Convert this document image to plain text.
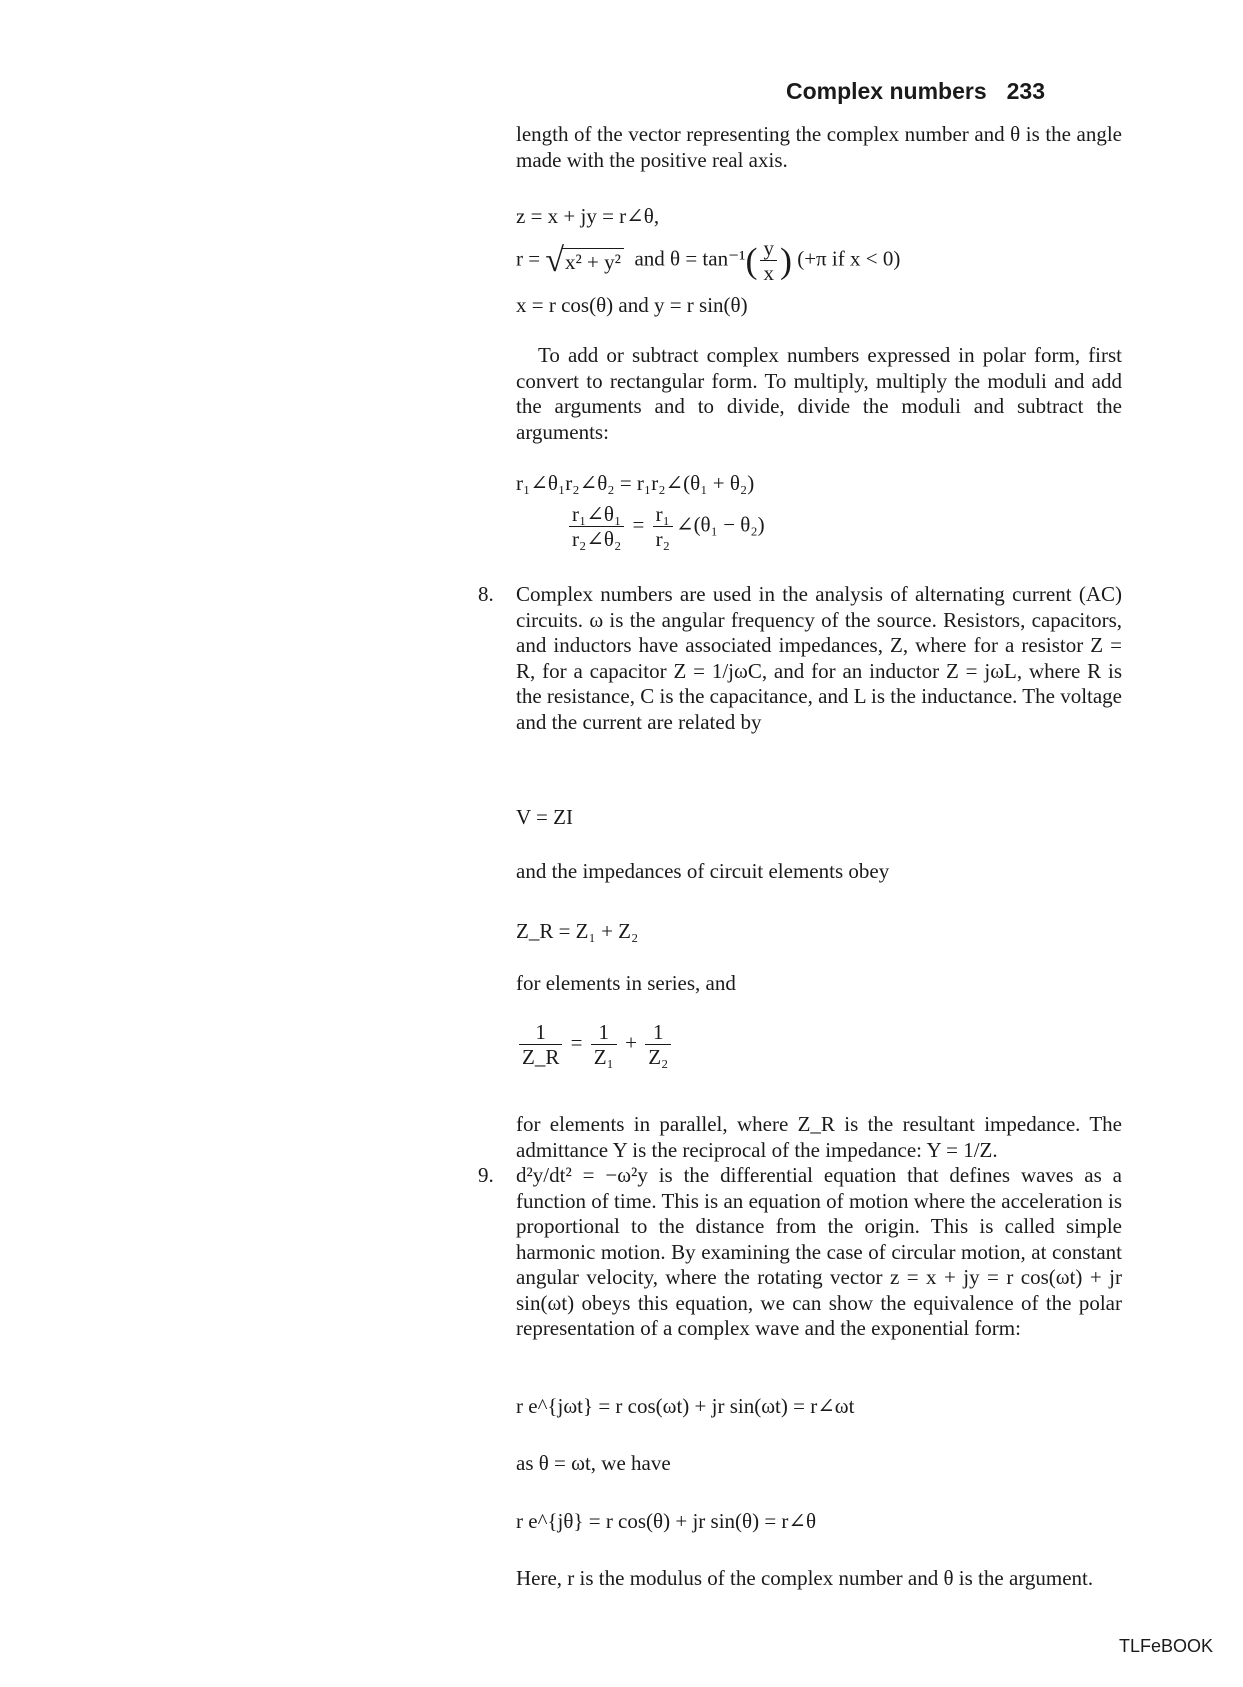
Complex numbers 233
length of the vector representing the complex number and θ is the angle made with the positive real axis.
z = x + jy = r∠θ,
r = √x² + y² and $\theta = \tan^{-1}( \frac{y}{x}$ ) (+π if x < 0)
x = r cos(θ) and y = r sin(θ)
To add or subtract complex numbers expressed in polar form, first convert to rectangular form. To multiply, multiply the moduli and add the arguments and to divide, divide the moduli and subtract the arguments:
r₁∠θ₁r₂∠θ₂ = r₁r₂∠(θ₁ + θ₂)
$\frac{\text{r₁∠θ₁}}{\text{r₂∠θ₂}} = \frac{\text{r₁}}{\text{r₂}}$ ∠(θ₁ − θ₂)
8. Complex numbers are used in the analysis of alternating current (AC) circuits. ω is the angular frequency of the source. Resistors, capacitors, and inductors have associated impedances, Z, where for a resistor Z = R, for a capacitor Z = 1/jωC, and for an inductor Z = jωL, where R is the resistance, C is the capacitance, and L is the inductance. The voltage and the current are related by
V = ZI
and the impedances of circuit elements obey
Z_R = Z₁ + Z₂
for elements in series, and
$\frac{1}{Z\_R} = \frac{1}{\text{Z₁}} + \frac{1}{\text{Z₂}}$
for elements in parallel, where Z_R is the resultant impedance. The admittance Y is the reciprocal of the impedance: Y = 1/Z.
9. d²y/dt² = −ω²y is the differential equation that defines waves as a function of time. This is an equation of motion where the acceleration is proportional to the distance from the origin. This is called simple harmonic motion. By examining the case of circular motion, at constant angular velocity, where the rotating vector z = x + jy = r cos(ωt) + jr sin(ωt) obeys this equation, we can show the equivalence of the polar representation of a complex wave and the exponential form:
r e^{jωt} = r cos(ωt) + jr sin(ωt) = r∠ωt
as θ = ωt, we have
r e^{jθ} = r cos(θ) + jr sin(θ) = r∠θ
Here, r is the modulus of the complex number and θ is the argument.
TLFeBOOK
